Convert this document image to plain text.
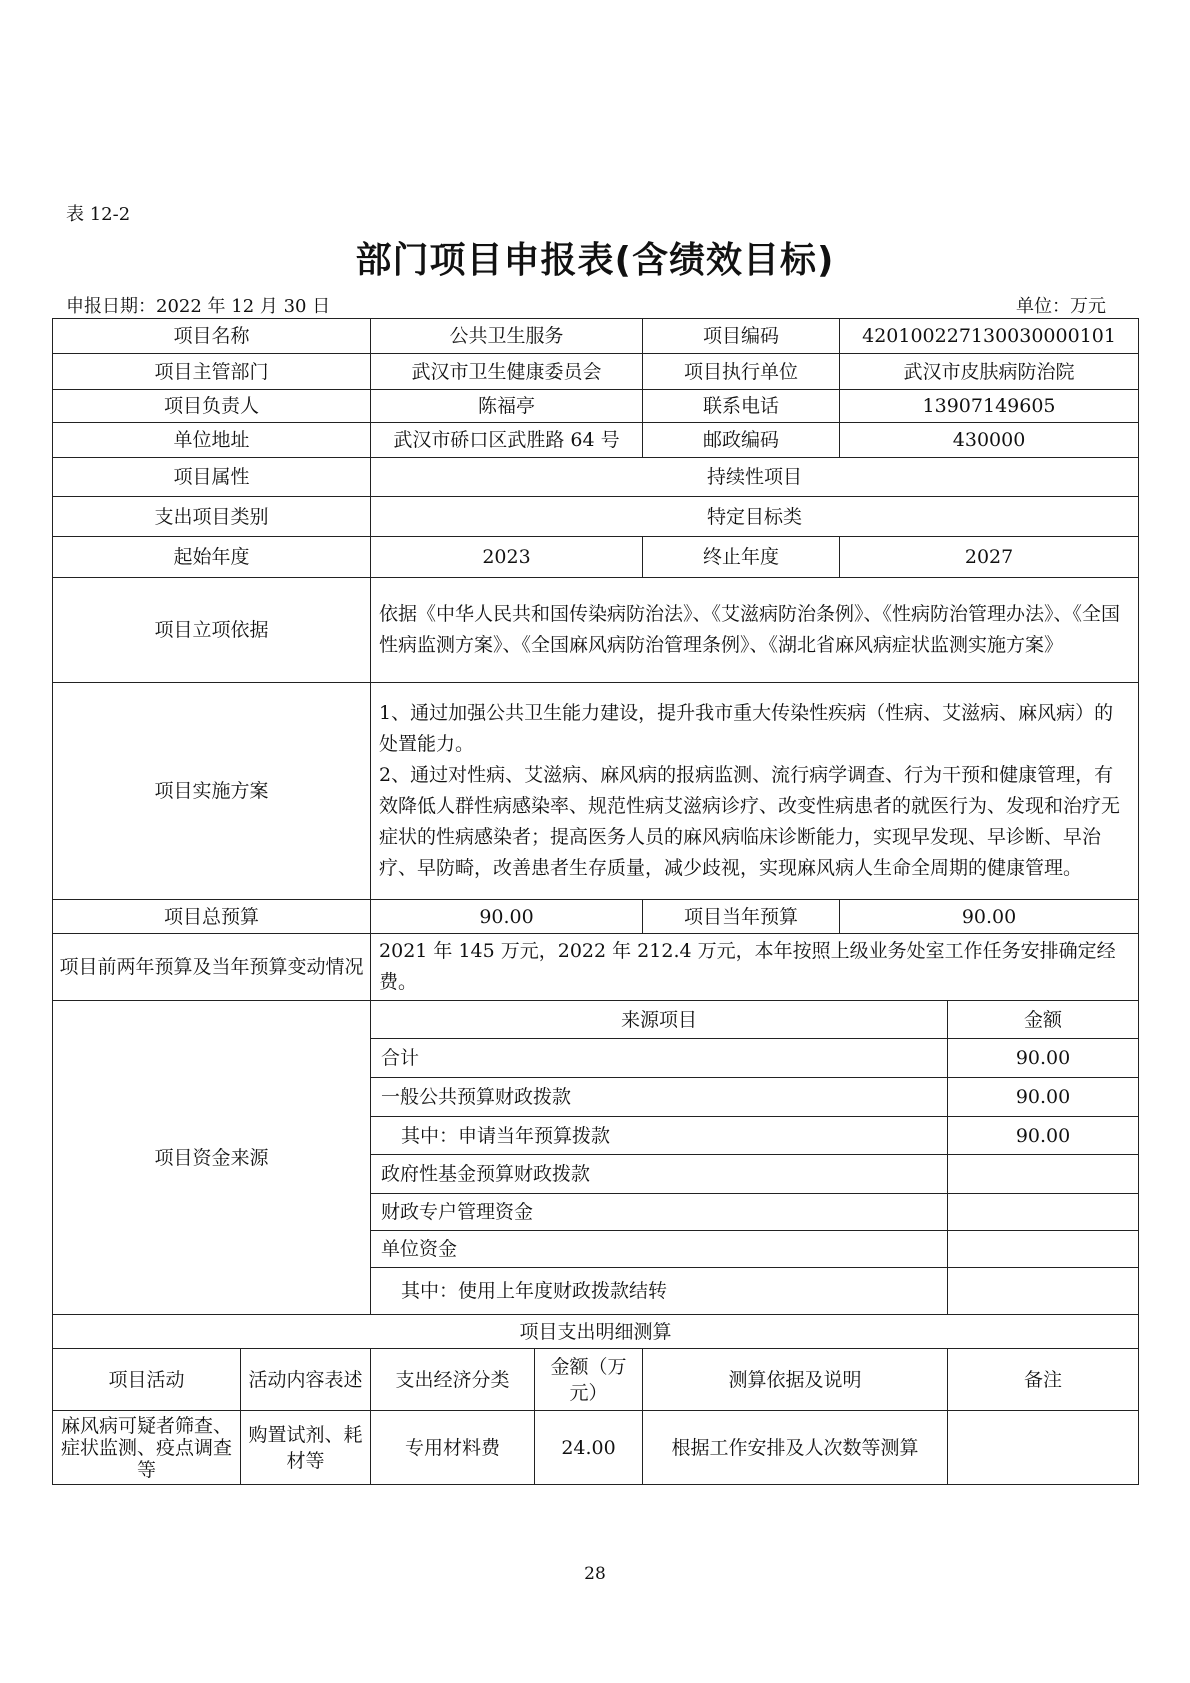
表 12-2
部门项目申报表(含绩效目标)
申报日期：2022 年 12 月 30 日	单位：万元
项目名称		公共卫生服务		项目编码	420100227130030000101	
项目主管部门		武汉市卫生健康委员会		项目执行单位	武汉市皮肤病防治院	
项目负责人		陈福亭		联系电话	13907149605	
单位地址		武汉市硚口区武胜路 64 号		邮政编码	430000	
项目属性		持续性项目				
支出项目类别		特定目标类				
起始年度		2023		终止年度	2027	
项目立项依据		依据《中华人民共和国传染病防治法》、《艾滋病防治条例》、《性病防治管理办法》、《全国性病监测方案》、《全国麻风病防治管理条例》、《湖北省麻风病症状监测实施方案》				
项目实施方案		1、通过加强公共卫生能力建设，提升我市重大传染性疾病（性病、艾滋病、麻风病）的处置能力。
2、通过对性病、艾滋病、麻风病的报病监测、流行病学调查、行为干预和健康管理，有效降低人群性病感染率、规范性病艾滋病诊疗、改变性病患者的就医行为、发现和治疗无症状的性病感染者；提高医务人员的麻风病临床诊断能力，实现早发现、早诊断、早治疗、早防畸，改善患者生存质量，减少歧视，实现麻风病人生命全周期的健康管理。				

项目总预算		90.00		项目当年预算	90.00	
项目前两年预算及当年预算变动情况		2021 年 145 万元，2022 年 212.4 万元，本年按照上级业务处室工作任务安排确定经费。				
项目资金来源		来源项目				金额
		合计				90.00
		一般公共预算财政拨款				90.00
		其中：申请当年预算拨款				90.00
		政府性基金预算财政拨款				
		财政专户管理资金				
		单位资金				
		其中：使用上年度财政拨款结转				
项目支出明细测算						
项目活动	活动内容表述	支出经济分类	金额（万元）	测算依据及说明		备注
麻风病可疑者筛查、症状监测、疫点调查等	购置试剂、耗材等	专用材料费	24.00	根据工作安排及人次数等测算		
28
